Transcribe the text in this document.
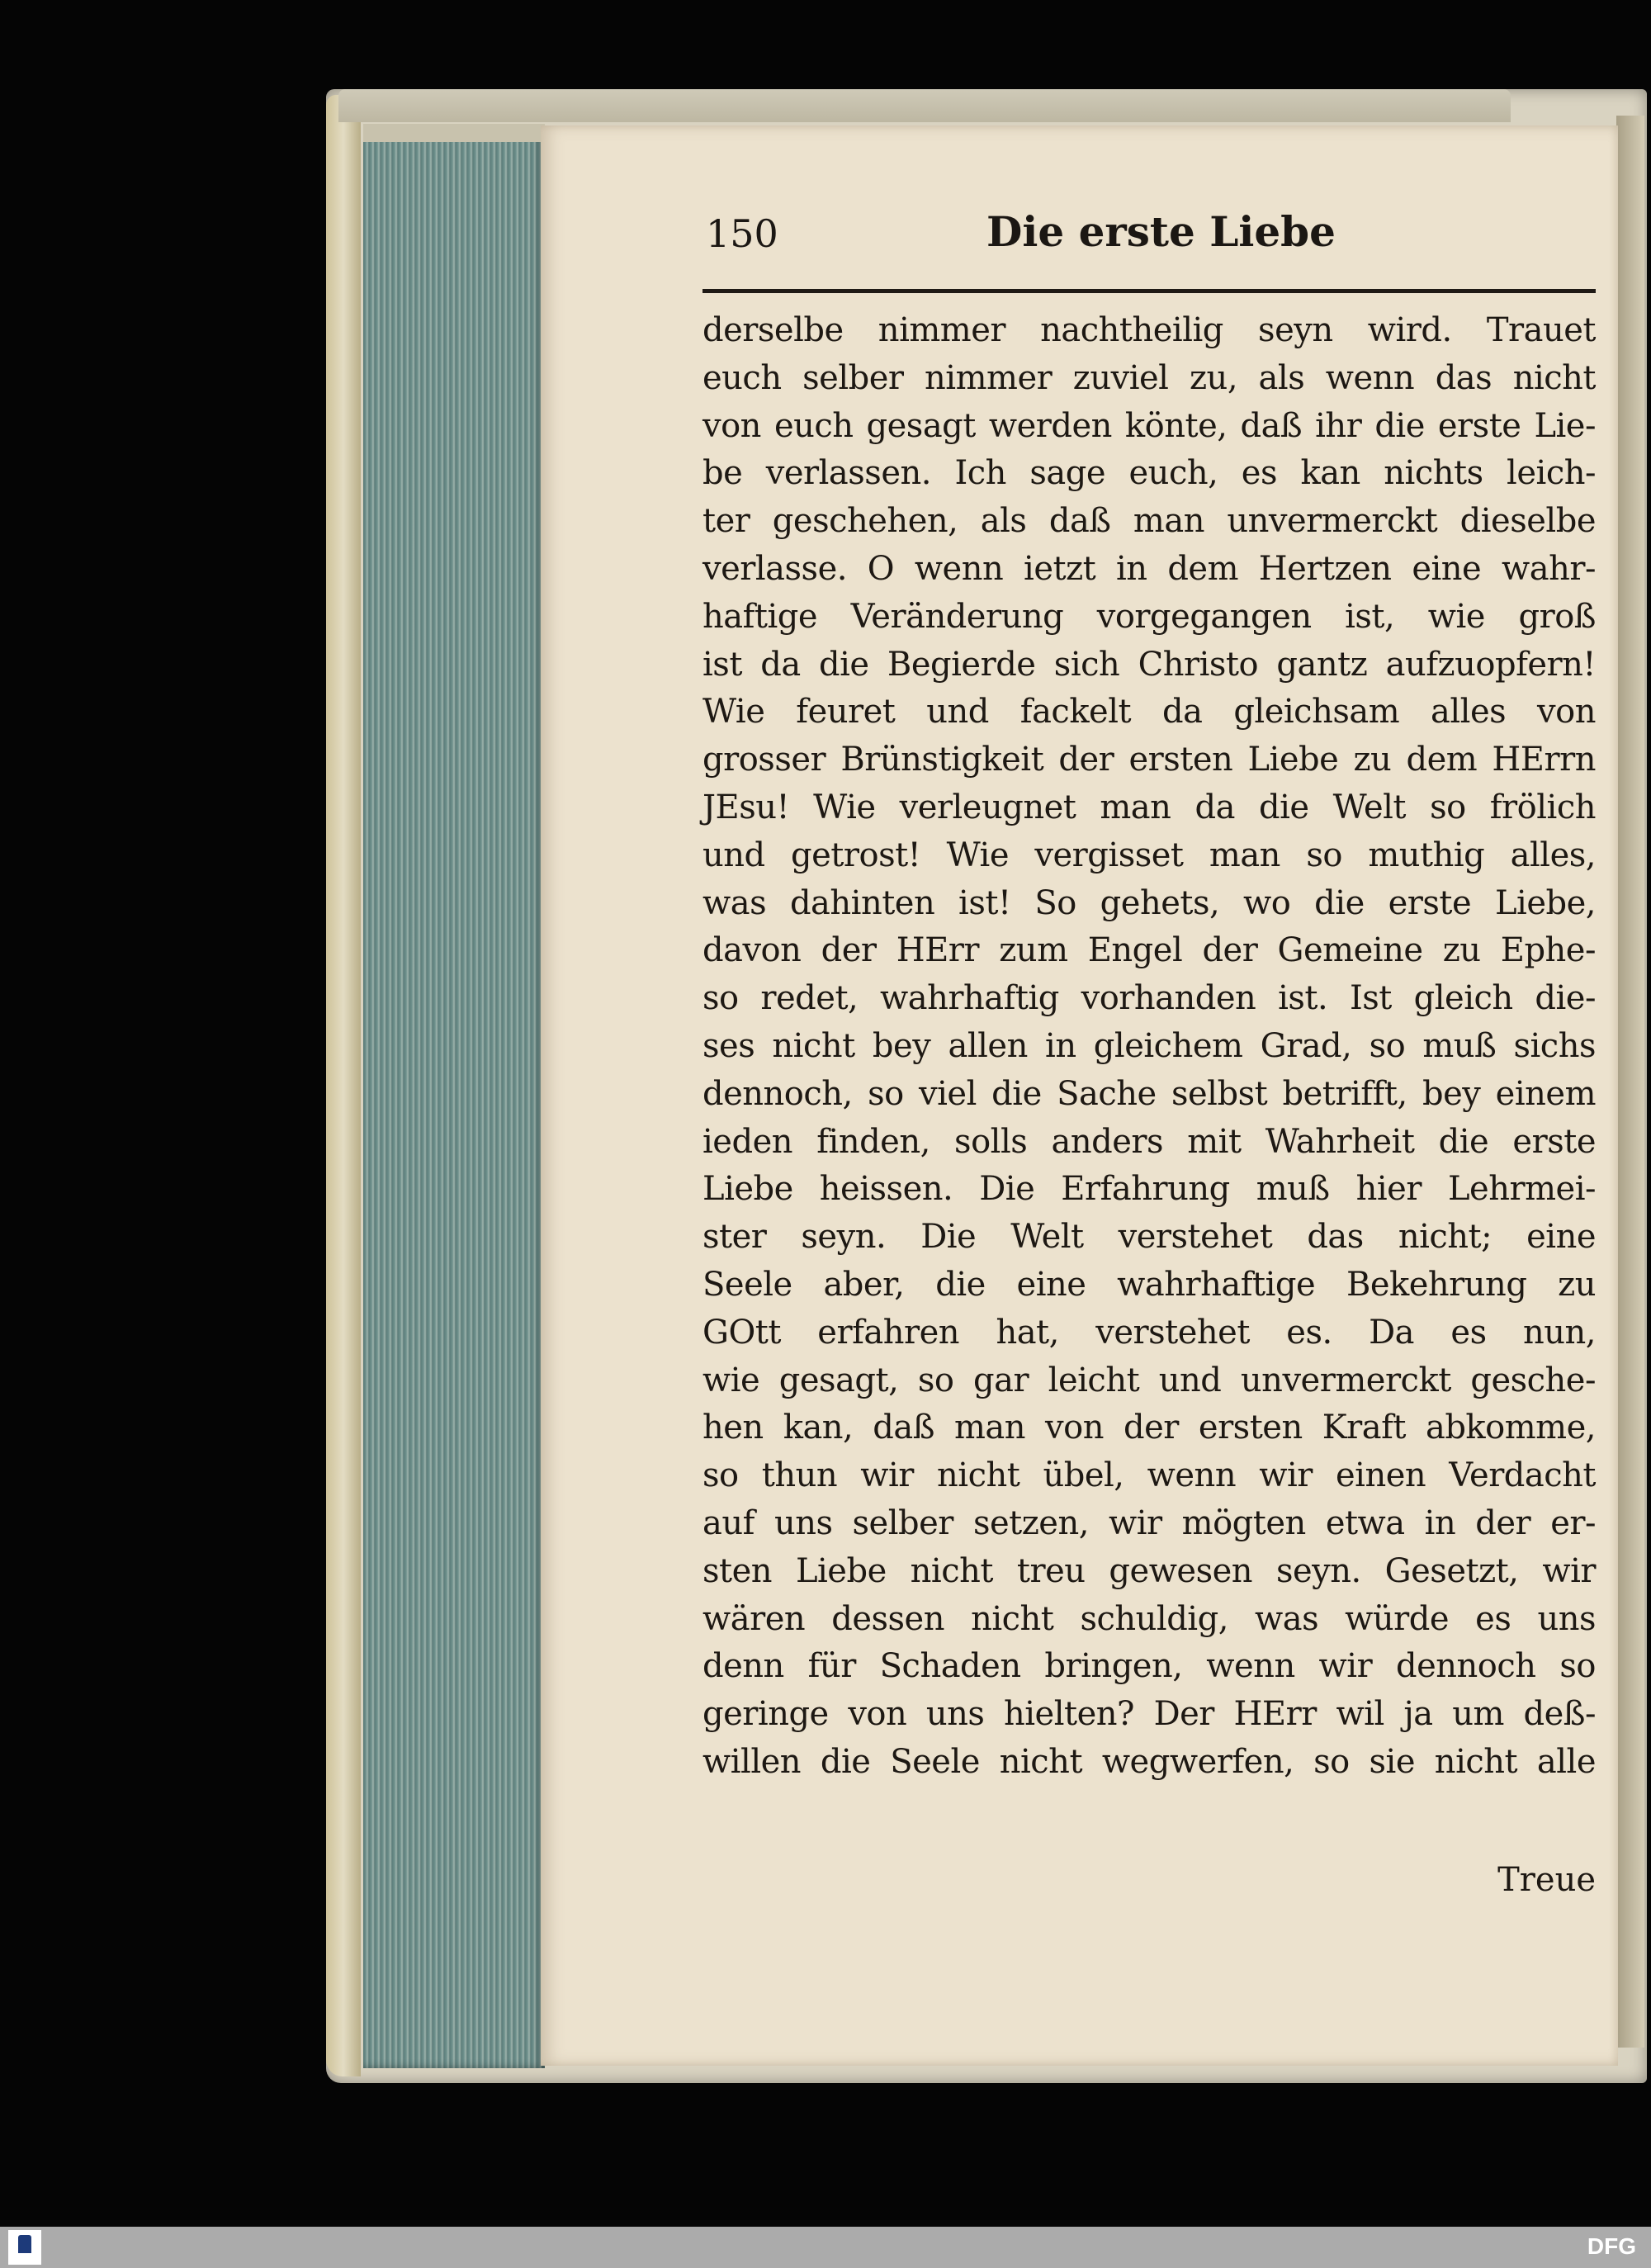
150	Die erste Liebe
derselbe nimmer nachtheilig seyn wird. Trauet
euch selber nimmer zuviel zu, als wenn das nicht
von euch gesagt werden könte, daß ihr die erste Lie-
be verlassen. Ich sage euch, es kan nichts leich-
ter geschehen, als daß man unvermerckt dieselbe
verlasse. O wenn ietzt in dem Hertzen eine wahr-
haftige Veränderung vorgegangen ist, wie groß
ist da die Begierde sich Christo gantz aufzuopfern!
Wie feuret und fackelt da gleichsam alles von
grosser Brünstigkeit der ersten Liebe zu dem HErrn
JEsu! Wie verleugnet man da die Welt so frölich
und getrost! Wie vergisset man so muthig alles,
was dahinten ist! So gehets, wo die erste Liebe,
davon der HErr zum Engel der Gemeine zu Ephe-
so redet, wahrhaftig vorhanden ist. Ist gleich die-
ses nicht bey allen in gleichem Grad, so muß sichs
dennoch, so viel die Sache selbst betrifft, bey einem
ieden finden, solls anders mit Wahrheit die erste
Liebe heissen. Die Erfahrung muß hier Lehrmei-
ster seyn. Die Welt verstehet das nicht; eine
Seele aber, die eine wahrhaftige Bekehrung zu
GOtt erfahren hat, verstehet es. Da es nun,
wie gesagt, so gar leicht und unvermerckt gesche-
hen kan, daß man von der ersten Kraft abkomme,
so thun wir nicht übel, wenn wir einen Verdacht
auf uns selber setzen, wir mögten etwa in der er-
sten Liebe nicht treu gewesen seyn. Gesetzt, wir
wären dessen nicht schuldig, was würde es uns
denn für Schaden bringen, wenn wir dennoch so
geringe von uns hielten? Der HErr wil ja um deß-
willen die Seele nicht wegwerfen, so sie nicht alle
Treue
DFG
